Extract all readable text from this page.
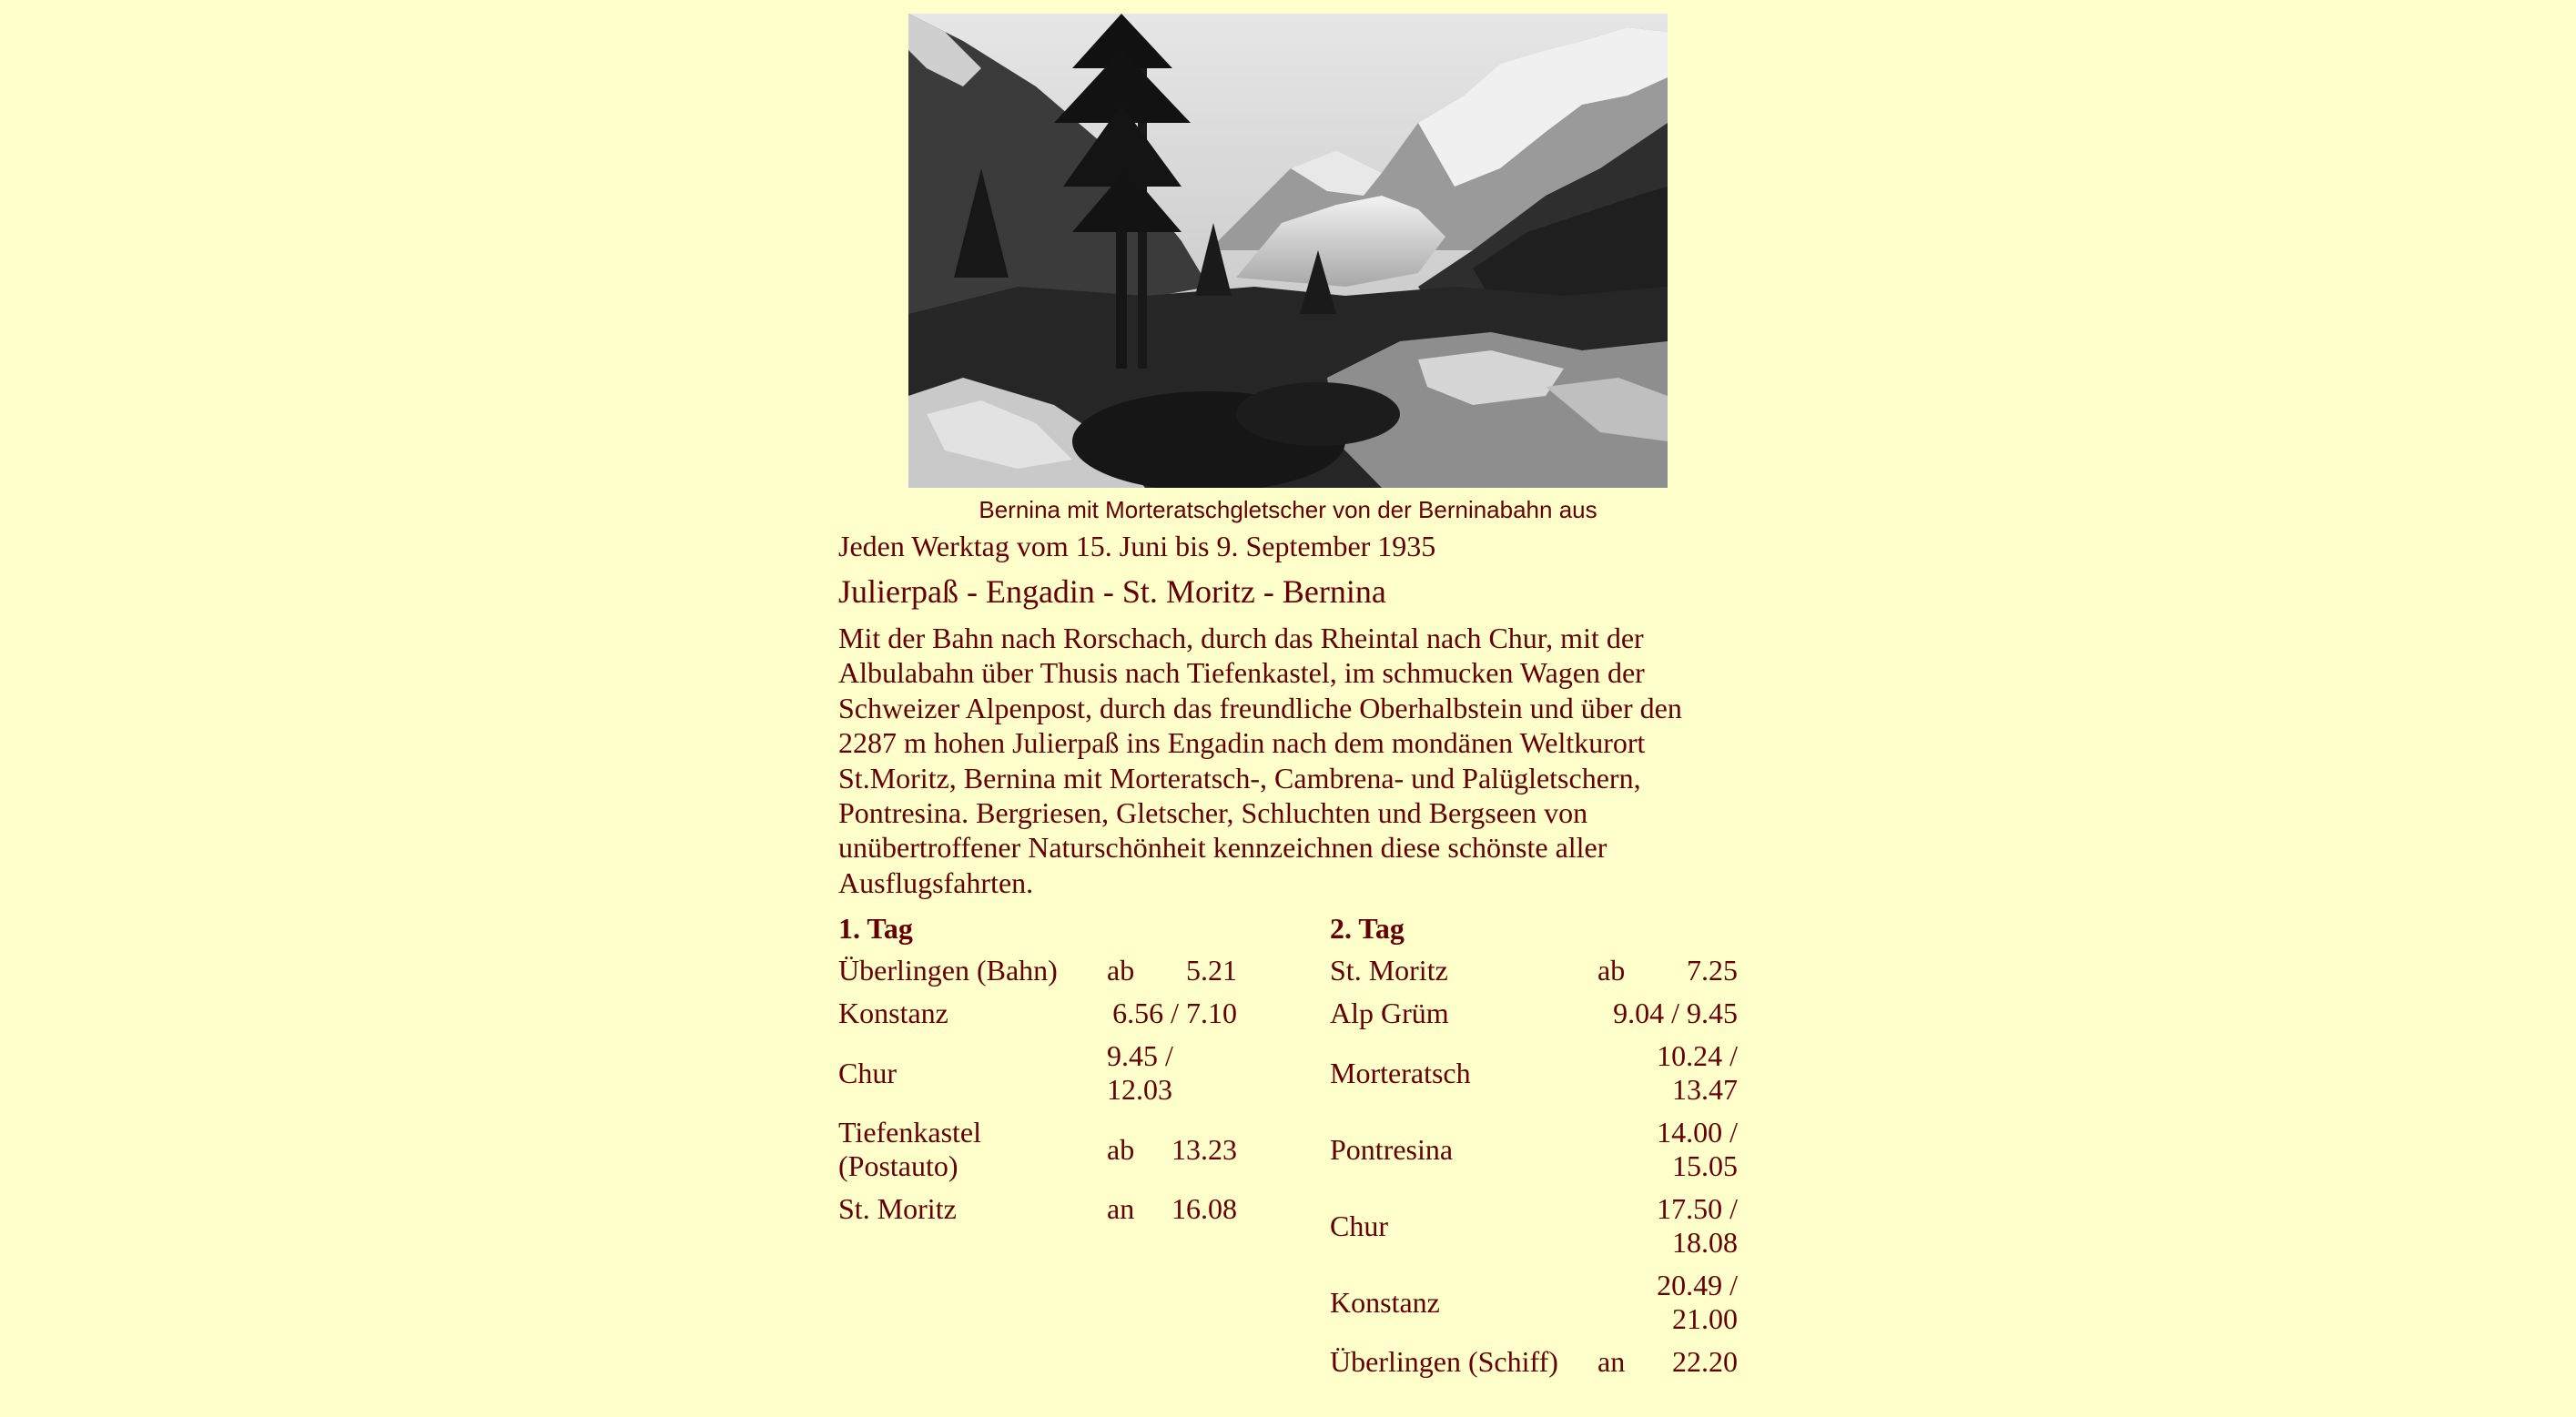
Bernina mit Morteratschgletscher von der Berninabahn aus
Jeden Werktag vom 15. Juni bis 9. September 1935
Julierpaß - Engadin - St. Moritz - Bernina
Mit der Bahn nach Rorschach, durch das Rheintal nach Chur, mit der Albulabahn über Thusis nach Tiefenkastel, im schmucken Wagen der Schweizer Alpenpost, durch das freundliche Oberhalbstein und über den 2287 m hohen Julierpaß ins Engadin nach dem mondänen Weltkurort St.Moritz, Bernina mit Morteratsch-, Cambrena- und Palügletschern, Pontresina. Bergriesen, Gletscher, Schluchten und Bergseen von unübertroffener Naturschönheit kennzeichnen diese schönste aller Ausflugsfahrten.
1. Tag
Überlingen (Bahn)	ab	5.21
Konstanz	6.56 / 7.10	
Chur	9.45 / 12.03	
Tiefenkastel (Postauto)	ab	13.23
St. Moritz	an	16.08
2. Tag
St. Moritz	ab	7.25
Alp Grüm	9.04 / 9.45	
Morteratsch	10.24 / 13.47	
Pontresina	14.00 / 15.05	
Chur	17.50 / 18.08	
Konstanz	20.49 / 21.00	
Überlingen (Schiff)	an	22.20
